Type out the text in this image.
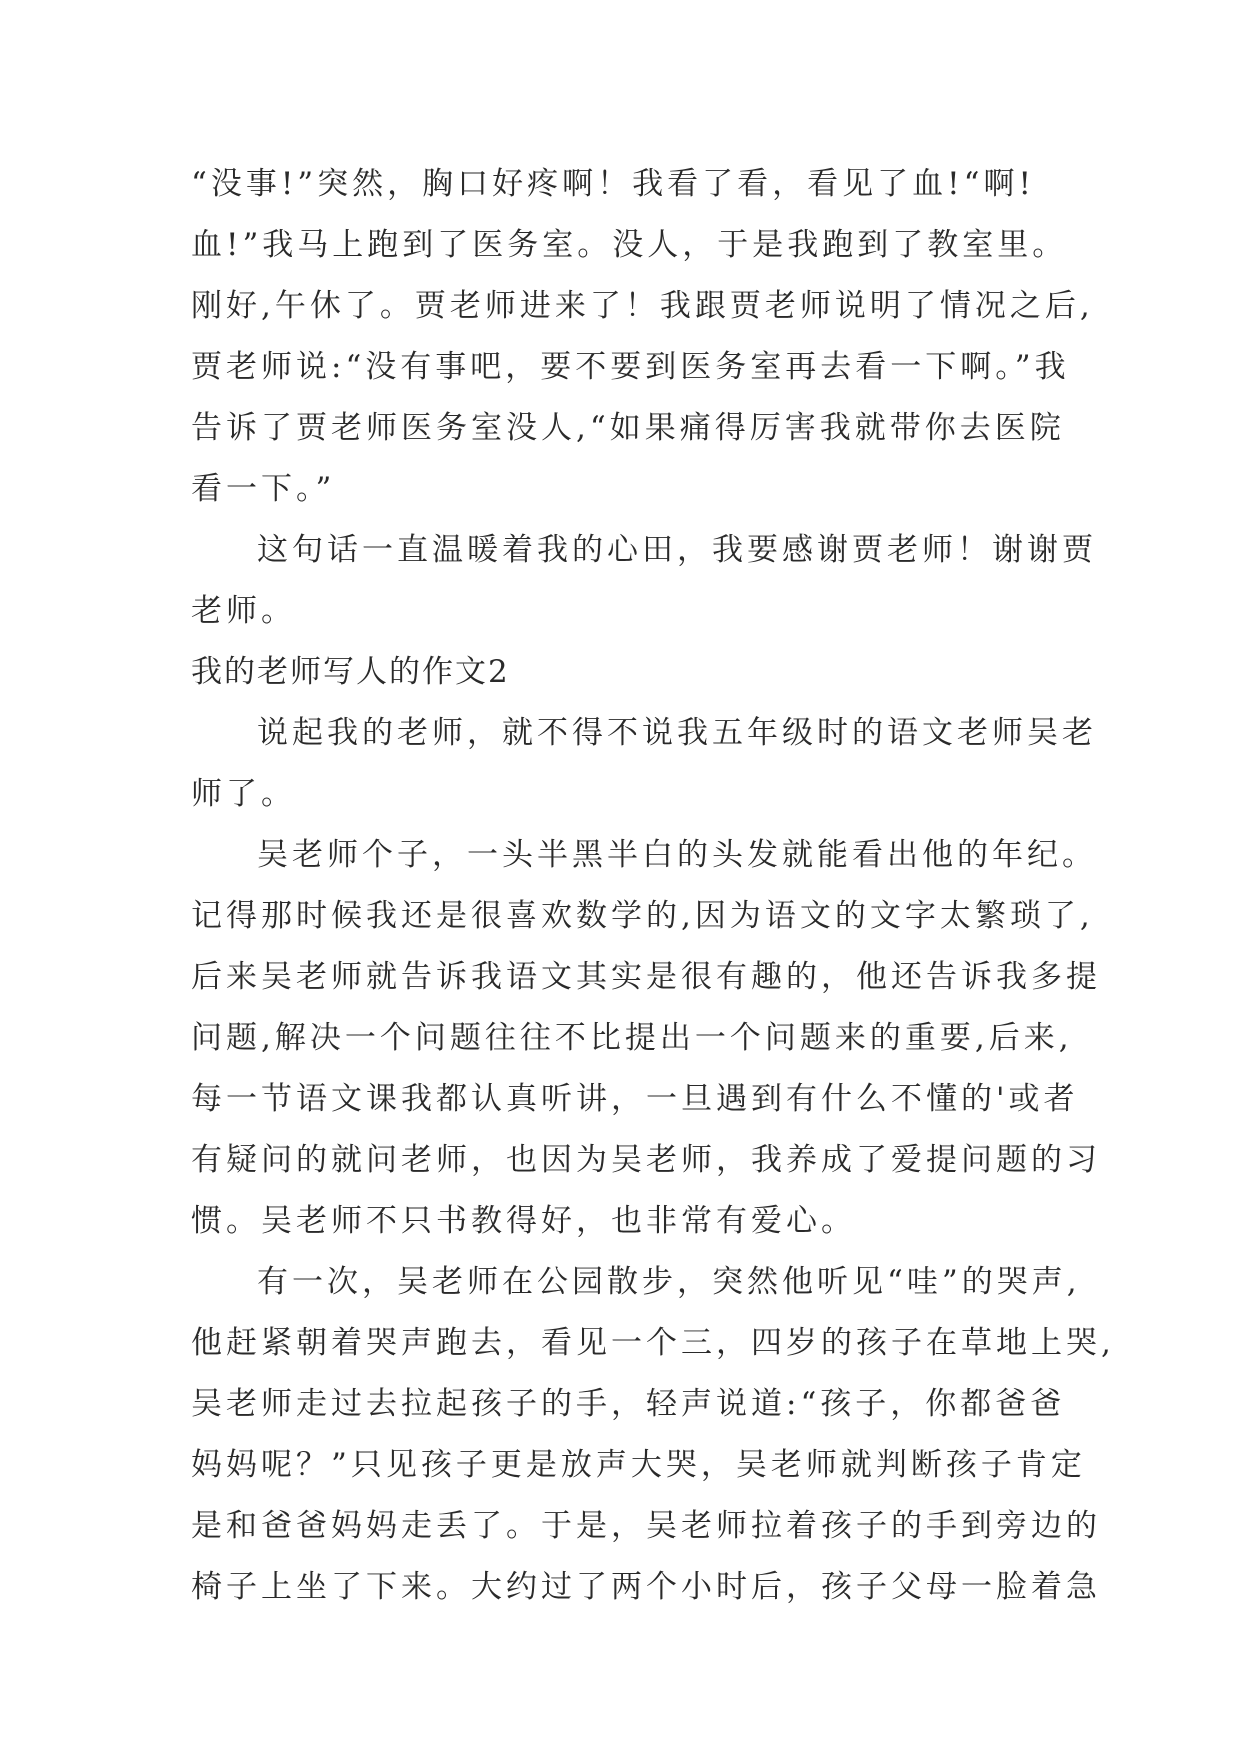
“没事!”突然，胸口好疼啊！我看了看，看见了血!“啊!
血!”我马上跑到了医务室。没人，于是我跑到了教室里。
刚好,午休了。贾老师进来了！我跟贾老师说明了情况之后,
贾老师说:“没有事吧，要不要到医务室再去看一下啊。”我
告诉了贾老师医务室没人,“如果痛得厉害我就带你去医院
看一下。”
这句话一直温暖着我的心田，我要感谢贾老师！谢谢贾
老师。
我的老师写人的作文2
说起我的老师，就不得不说我五年级时的语文老师吴老
师了。
吴老师个子，一头半黑半白的头发就能看出他的年纪。
记得那时候我还是很喜欢数学的,因为语文的文字太繁琐了,
后来吴老师就告诉我语文其实是很有趣的，他还告诉我多提
问题,解决一个问题往往不比提出一个问题来的重要,后来,
每一节语文课我都认真听讲，一旦遇到有什么不懂的'或者
有疑问的就问老师，也因为吴老师，我养成了爱提问题的习
惯。吴老师不只书教得好，也非常有爱心。
有一次，吴老师在公园散步，突然他听见“哇”的哭声,
他赶紧朝着哭声跑去，看见一个三，四岁的孩子在草地上哭,
吴老师走过去拉起孩子的手，轻声说道:“孩子，你都爸爸
妈妈呢？”只见孩子更是放声大哭，吴老师就判断孩子肯定
是和爸爸妈妈走丢了。于是，吴老师拉着孩子的手到旁边的
椅子上坐了下来。大约过了两个小时后，孩子父母一脸着急
